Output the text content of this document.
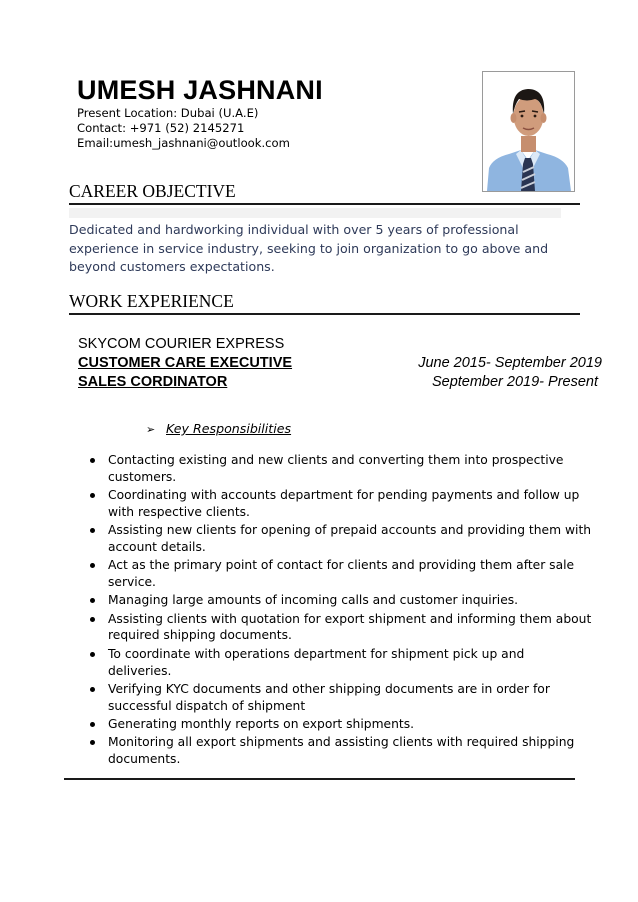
UMESH JASHNANI
Present Location: Dubai (U.A.E)
Contact: +971 (52) 2145271
Email:umesh_jashnani@outlook.com
CAREER OBJECTIVE
Dedicated and hardworking individual with over 5 years of professional
experience in service industry, seeking to join organization to go above and
beyond customers expectations.
WORK EXPERIENCE
SKYCOM COURIER EXPRESS
CUSTOMER CARE EXECUTIVE	June 2015- September 2019
SALES CORDINATOR	September 2019- Present
➢ Key Responsibilities
Contacting existing and new clients and converting them into prospective
customers.
Coordinating with accounts department for pending payments and follow up
with respective clients.
Assisting new clients for opening of prepaid accounts and providing them with
account details.
Act as the primary point of contact for clients and providing them after sale
service.
Managing large amounts of incoming calls and customer inquiries.
Assisting clients with quotation for export shipment and informing them about
required shipping documents.
To coordinate with operations department for shipment pick up and
deliveries.
Verifying KYC documents and other shipping documents are in order for
successful dispatch of shipment
Generating monthly reports on export shipments.
Monitoring all export shipments and assisting clients with required shipping
documents.
